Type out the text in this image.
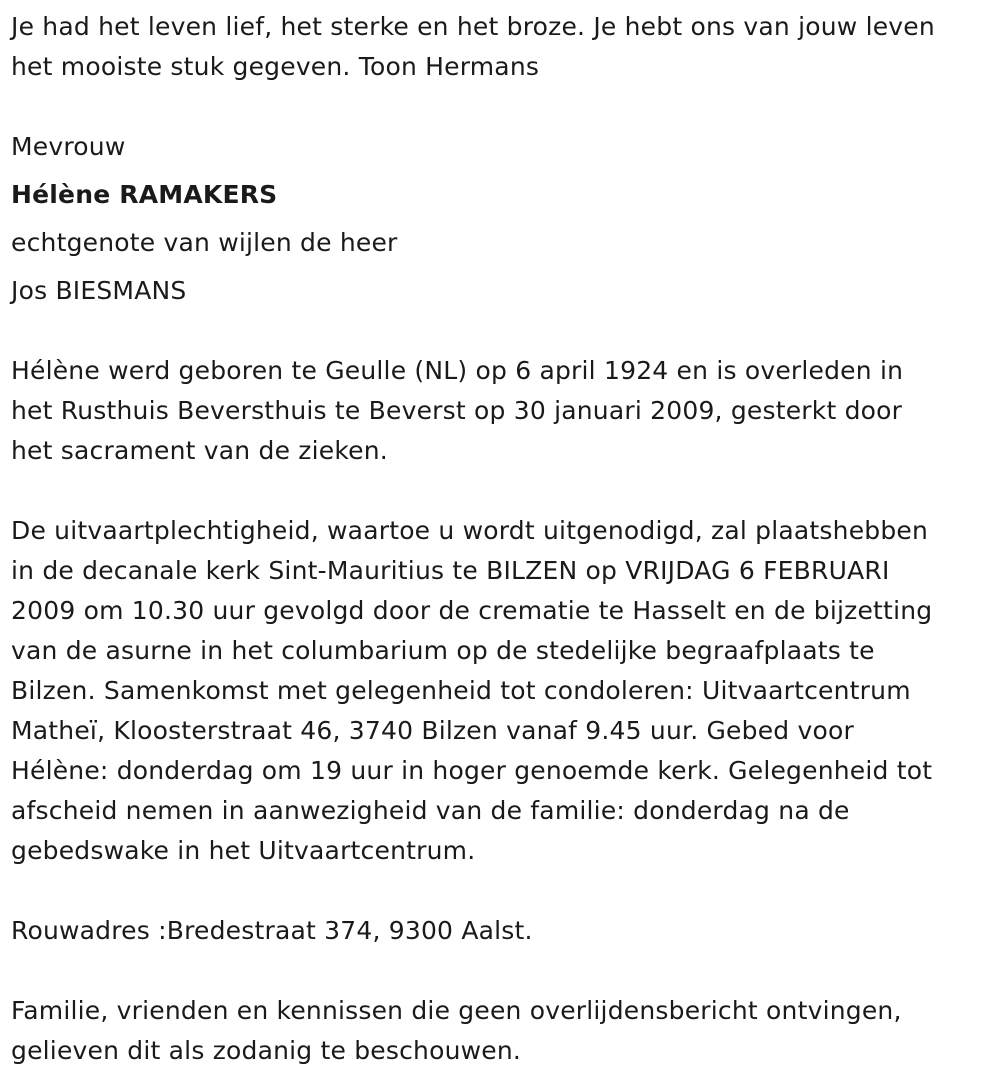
Je had het leven lief, het sterke en het broze. Je hebt ons van jouw leven
het mooiste stuk gegeven. Toon Hermans

Mevrouw

Hélène RAMAKERS

echtgenote van wijlen de heer

Jos BIESMANS

Hélène werd geboren te Geulle (NL) op 6 april 1924 en is overleden in
het Rusthuis Beversthuis te Beverst op 30 januari 2009, gesterkt door
het sacrament van de zieken.

De uitvaartplechtigheid, waartoe u wordt uitgenodigd, zal plaatshebben
in de decanale kerk Sint-Mauritius te BILZEN op VRIJDAG 6 FEBRUARI
2009 om 10.30 uur gevolgd door de crematie te Hasselt en de bijzetting
van de asurne in het columbarium op de stedelijke begraafplaats te
Bilzen. Samenkomst met gelegenheid tot condoleren: Uitvaartcentrum
Matheï, Kloosterstraat 46, 3740 Bilzen vanaf 9.45 uur. Gebed voor
Hélène: donderdag om 19 uur in hoger genoemde kerk. Gelegenheid tot
afscheid nemen in aanwezigheid van de familie: donderdag na de
gebedswake in het Uitvaartcentrum.

Rouwadres :Bredestraat 374, 9300 Aalst.

Familie, vrienden en kennissen die geen overlijdensbericht ontvingen,
gelieven dit als zodanig te beschouwen.
